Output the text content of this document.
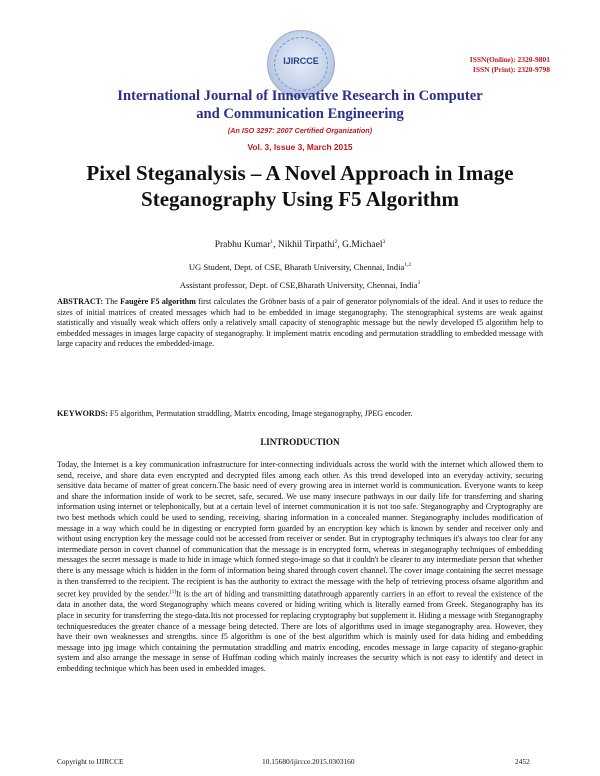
IJIRCCE	ISSN(Online): 2320-9801
ISSN (Print): 2320-9798
International Journal of Innovative Research in Computer
and Communication Engineering
(An ISO 3297: 2007 Certified Organization)
Vol. 3, Issue 3, March 2015
Pixel Steganalysis – A Novel Approach in Image Steganography Using F5 Algorithm
Prabhu Kumar$^1$, Nikhil Tirpathi$^2$, G.Michael$^3$
UG Student, Dept. of CSE, Bharath University, Chennai, India$^{1,2}$
Assistant professor, Dept. of CSE,Bharath University, Chennai, India$^3$
ABSTRACT: The Faugère F5 algorithm first calculates the Gröbner basis of a pair of generator polynomials of the ideal. And it uses to reduce the sizes of initial matrices of created messages which had to be embedded in image steganography. The stenographical systems are weak against statistically and visually weak which offers only a relatively small capacity of stenographic message but the newly developed f5 algorithm help to embedded messages in images large capacity of steganography. It implement matrix encoding and permutation straddling to embedded message with large capacity and reduces the embedded-image.
KEYWORDS: F5 algorithm, Permutation straddling, Matrix encoding, Image steganography, JPEG encoder.
I.INTRODUCTION
Today, the Internet is a key communication infrastructure for inter-connecting individuals across the world with the internet which allowed them to send, receive, and share data even encrypted and decrypted files among each other. As this trend developed into an everyday activity, securing sensitive data became of matter of great concern.The basic need of every growing area in internet world is communication. Everyone wants to keep and share the information inside of work to be secret, safe, secured. We use many insecure pathways in our daily life for transferring and sharing information using internet or telephonically, but at a certain level of internet communication it is not too safe. Steganography and Cryptography are two best methods which could be used to sending, receiving, sharing information in a concealed manner. Steganography includes modification of message in a way which could be in digesting or encrypted form guarded by an encryption key which is known by sender and receiver only and without using encryption key the message could not be accessed from receiver or sender. But in cryptography techniques it's always too clear for any intermediate person in covert channel of communication that the message is in encrypted form, whereas in steganography techniques of embedding messages the secret message is made to hide in image which formed stego-image so that it couldn't be clearer to any intermediate person that whether there is any message which is hidden in the form of information being shared through covert channel. The cover image containing the secret message is then transferred to the recipient. The recipient is has the authority to extract the message with the help of retrieving process ofsame algorithm and secret key provided by the sender.[1]It is the art of hiding and transmitting datathrough apparently carriers in an effort to reveal the existence of the data in another data, the word Steganography which means covered or hiding writing which is literally earned from Greek. Steganography has its place in security for transferring the stego-data.Itis not processed for replacing cryptography but supplement it. Hiding a message with Steganography techniquesreduces the greater chance of a message being detected. There are lots of algorithms used in image steganography area. However, they have their own weaknesses and strengths. since f5 algorithm is one of the best algorithm which is mainly used for data hiding and embedding message into jpg image which containing the permutation straddling and matrix encoding, encodes message in large capacity of stegano-graphic system and also arrange the message in sense of Huffman coding which mainly increases the security which is not easy to identify and detect in embedding technique which has been used in embedded images.
Copyright to IJIRCCE	10.15680/ijircce.2015.0303160	2452
